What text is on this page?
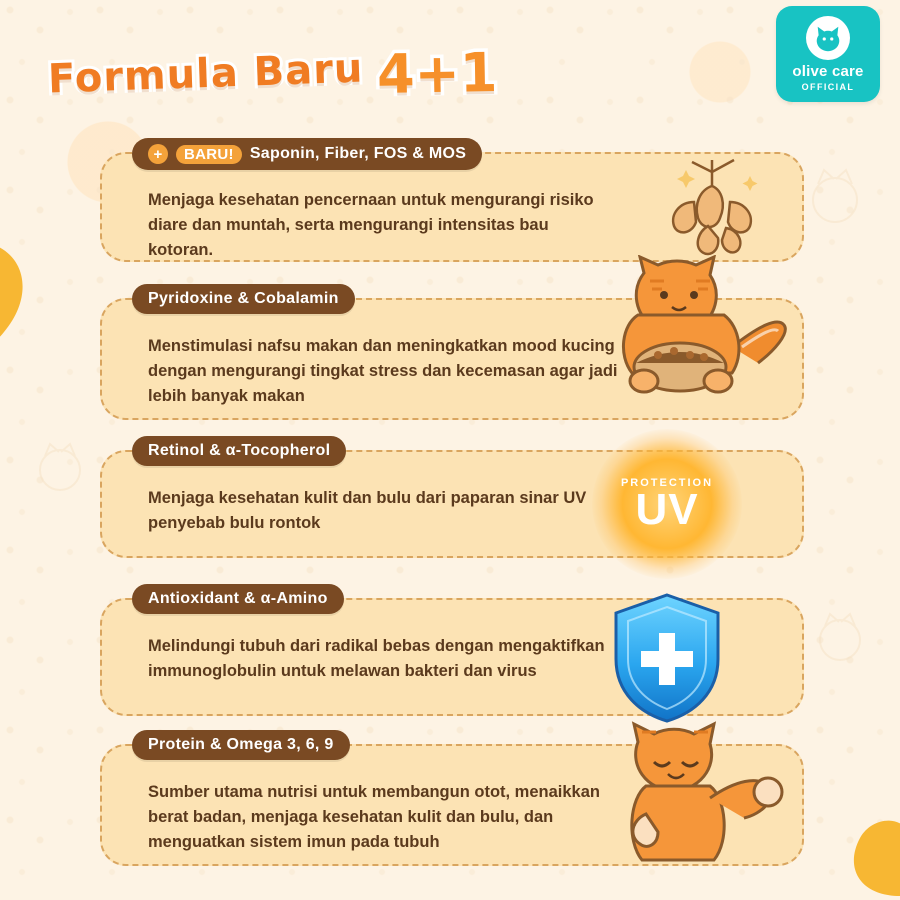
olive care
OFFICIAL
Formula Baru 4+1
+	BARU!	Saponin, Fiber, FOS & MOS
Menjaga kesehatan pencernaan untuk mengurangi risiko diare dan muntah, serta mengurangi intensitas bau kotoran.
Pyridoxine & Cobalamin
Menstimulasi nafsu makan dan meningkatkan mood kucing dengan mengurangi tingkat stress dan kecemasan agar jadi lebih banyak makan
Retinol & α-Tocopherol
Menjaga kesehatan kulit dan bulu dari paparan sinar UV penyebab bulu rontok
PROTECTION
UV
Antioxidant & α-Amino
Melindungi tubuh dari radikal bebas dengan mengaktifkan immunoglobulin untuk melawan bakteri dan virus
Protein & Omega 3, 6, 9
Sumber utama nutrisi untuk membangun otot, menaikkan berat badan, menjaga kesehatan kulit dan bulu, dan menguatkan sistem imun pada tubuh
